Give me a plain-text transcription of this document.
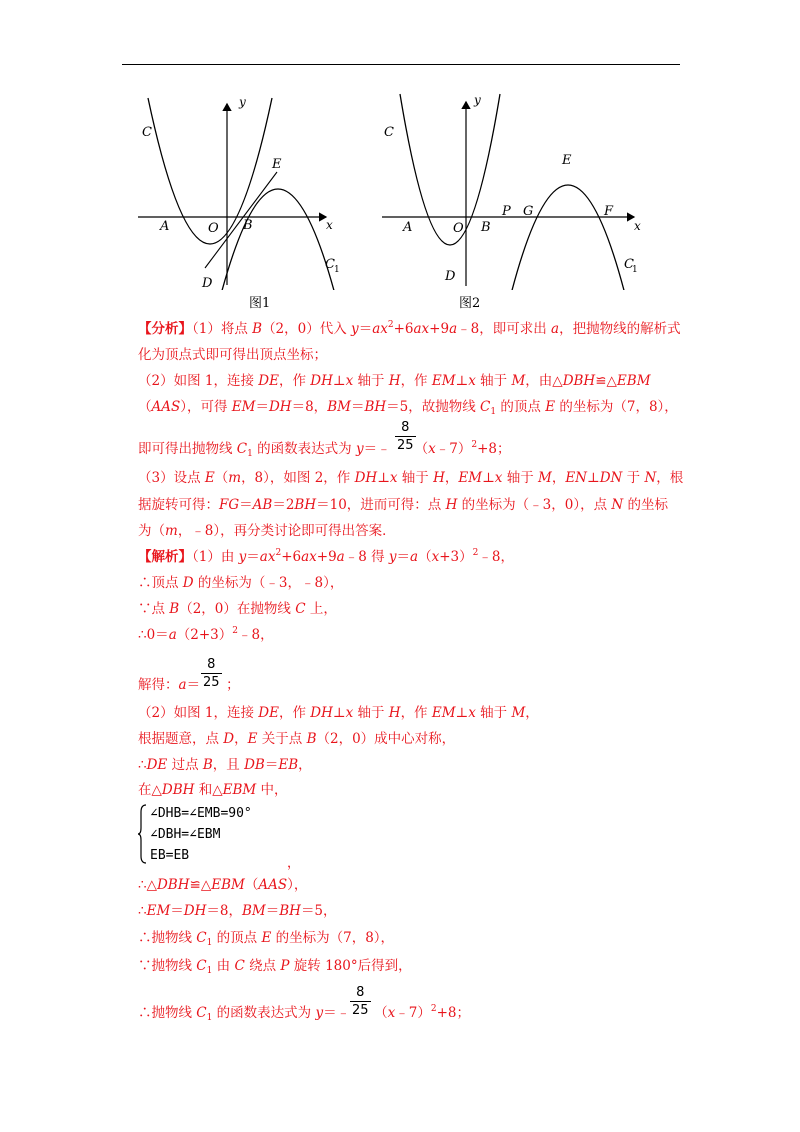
y
x
C
E
A	O B
D
C 1
图1
y
x
C
E
A	O B
D
P G	F
C
1
图2
【分析】（1）将点 B（2，0）代入 $y=ax^2+6ax+9a﹣8$，即可求出 a，把抛物线的解析式
化为顶点式即可得出顶点坐标；
（2）如图 1，连接 DE，作 DH⊥x 轴于 H，作 EM⊥x 轴于 M，由△DBH≌△EBM
（AAS），可得 EM＝DH＝8，BM＝BH＝5，故抛物线 $C_1$ 的顶点 E 的坐标为（7，8），
8
25
即可得出抛物线 $C_1$ 的函数表达式为 y＝﹣ （x﹣7）$^2$+8；
（3）设点 E（m，8），如图 2，作 DH⊥x 轴于 H，EM⊥x 轴于 M，EN⊥DN 于 N，根
据旋转可得：FG＝AB＝2BH＝10，进而可得：点 H 的坐标为（﹣3，0），点 N 的坐标
为（m，﹣8），再分类讨论即可得出答案．
【解析】（1）由 $y=ax^2+6ax+9a﹣8$ 得 $y=a(x+3)^2﹣8$，
∴顶点 D 的坐标为（﹣3，﹣8），
∵点 B（2，0）在抛物线 C 上，
$\therefore 0=a(2+3)^2﹣8$，
8
25
解得：a＝ ；
（2）如图 1，连接 DE，作 DH⊥x 轴于 H，作 EM⊥x 轴于 M，
根据题意，点 D，E 关于点 B（2，0）成中心对称，
∴DE 过点 B，且 DB＝EB，
在△DBH 和△EBM 中，
∠DHB=∠EMB=90°
∠DBH=∠EBM
EB=EB
，
∴△DBH≌△EBM（AAS），
∴EM＝DH＝8，BM＝BH＝5，
∴抛物线 $C_1$ 的顶点 E 的坐标为（7，8），
∵抛物线 $C_1$ 由 C 绕点 P 旋转 180°后得到，
8
25
∴抛物线 $C_1$ 的函数表达式为 y＝﹣ （x﹣7）$^2$+8；
